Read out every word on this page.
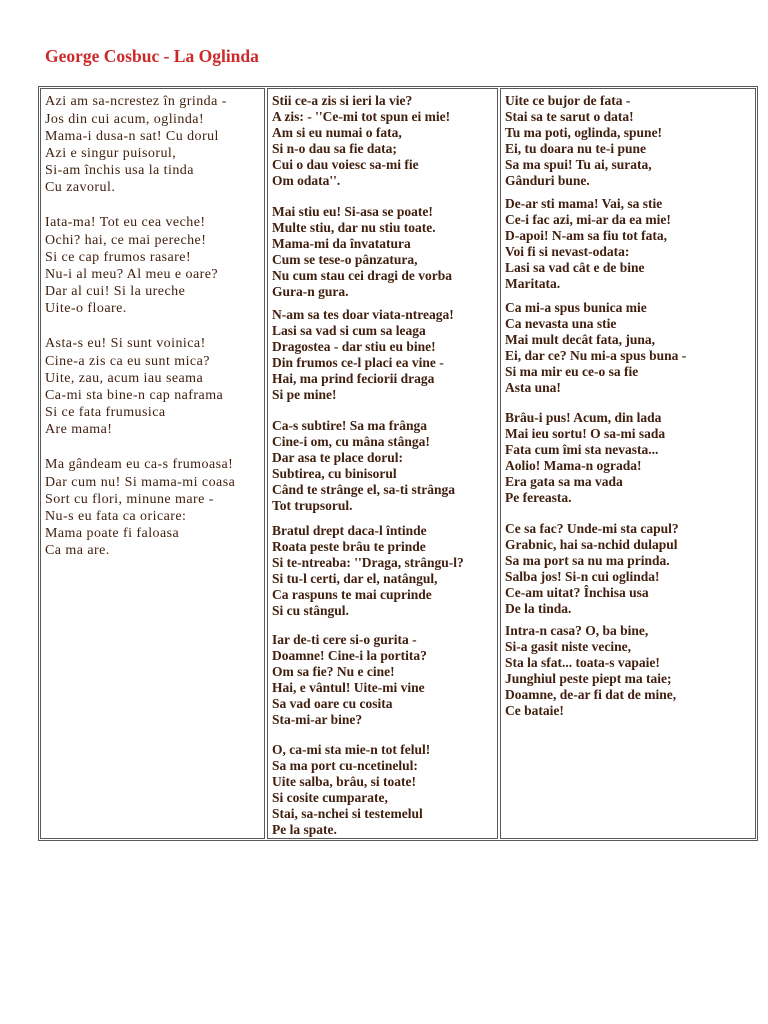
George Cosbuc - La Oglinda
Azi am sa-ncrestez în grinda -
Jos din cui acum, oglinda!
Mama-i dusa-n sat! Cu dorul
Azi e singur puisorul,
Si-am închis usa la tinda
Cu zavorul.
Iata-ma! Tot eu cea veche!
Ochi? hai, ce mai pereche!
Si ce cap frumos rasare!
Nu-i al meu? Al meu e oare?
Dar al cui! Si la ureche
Uite-o floare.
Asta-s eu! Si sunt voinica!
Cine-a zis ca eu sunt mica?
Uite, zau, acum iau seama
Ca-mi sta bine-n cap naframa
Si ce fata frumusica
Are mama!
Ma gândeam eu ca-s frumoasa!
Dar cum nu! Si mama-mi coasa
Sort cu flori, minune mare -
Nu-s eu fata ca oricare:
Mama poate fi faloasa
Ca ma are.
Stii ce-a zis si ieri la vie?
A zis: - ''Ce-mi tot spun ei mie!
Am si eu numai o fata,
Si n-o dau sa fie data;
Cui o dau voiesc sa-mi fie
Om odata''.
Mai stiu eu! Si-asa se poate!
Multe stiu, dar nu stiu toate.
Mama-mi da învatatura
Cum se tese-o pânzatura,
Nu cum stau cei dragi de vorba
Gura-n gura.
N-am sa tes doar viata-ntreaga!
Lasi sa vad si cum sa leaga
Dragostea - dar stiu eu bine!
Din frumos ce-l placi ea vine -
Hai, ma prind feciorii draga
Si pe mine!
Ca-s subtire! Sa ma frânga
Cine-i om, cu mâna stânga!
Dar asa te place dorul:
Subtirea, cu binisorul
Când te strânge el, sa-ti strânga
Tot trupsorul.
Bratul drept daca-l întinde
Roata peste brâu te prinde
Si te-ntreaba: ''Draga, strângu-l?
Si tu-l certi, dar el, natângul,
Ca raspuns te mai cuprinde
Si cu stângul.
Iar de-ti cere si-o gurita -
Doamne! Cine-i la portita?
Om sa fie? Nu e cine!
Hai, e vântul! Uite-mi vine
Sa vad oare cu cosita
Sta-mi-ar bine?
O, ca-mi sta mie-n tot felul!
Sa ma port cu-ncetinelul:
Uite salba, brâu, si toate!
Si cosite cumparate,
Stai, sa-nchei si testemelul
Pe la spate.
Uite ce bujor de fata -
Stai sa te sarut o data!
Tu ma poti, oglinda, spune!
Ei, tu doara nu te-i pune
Sa ma spui! Tu ai, surata,
Gânduri bune.
De-ar sti mama! Vai, sa stie
Ce-i fac azi, mi-ar da ea mie!
D-apoi! N-am sa fiu tot fata,
Voi fi si nevast-odata:
Lasi sa vad cât e de bine
Maritata.
Ca mi-a spus bunica mie
Ca nevasta una stie
Mai mult decât fata, juna,
Ei, dar ce? Nu mi-a spus buna -
Si ma mir eu ce-o sa fie
Asta una!
Brâu-i pus! Acum, din lada
Mai ieu sortu! O sa-mi sada
Fata cum îmi sta nevasta...
Aolio! Mama-n ograda!
Era gata sa ma vada
Pe fereasta.
Ce sa fac? Unde-mi sta capul?
Grabnic, hai sa-nchid dulapul
Sa ma port sa nu ma prinda.
Salba jos! Si-n cui oglinda!
Ce-am uitat? Închisa usa
De la tinda.
Intra-n casa? O, ba bine,
Si-a gasit niste vecine,
Sta la sfat... toata-s vapaie!
Junghiul peste piept ma taie;
Doamne, de-ar fi dat de mine,
Ce bataie!
